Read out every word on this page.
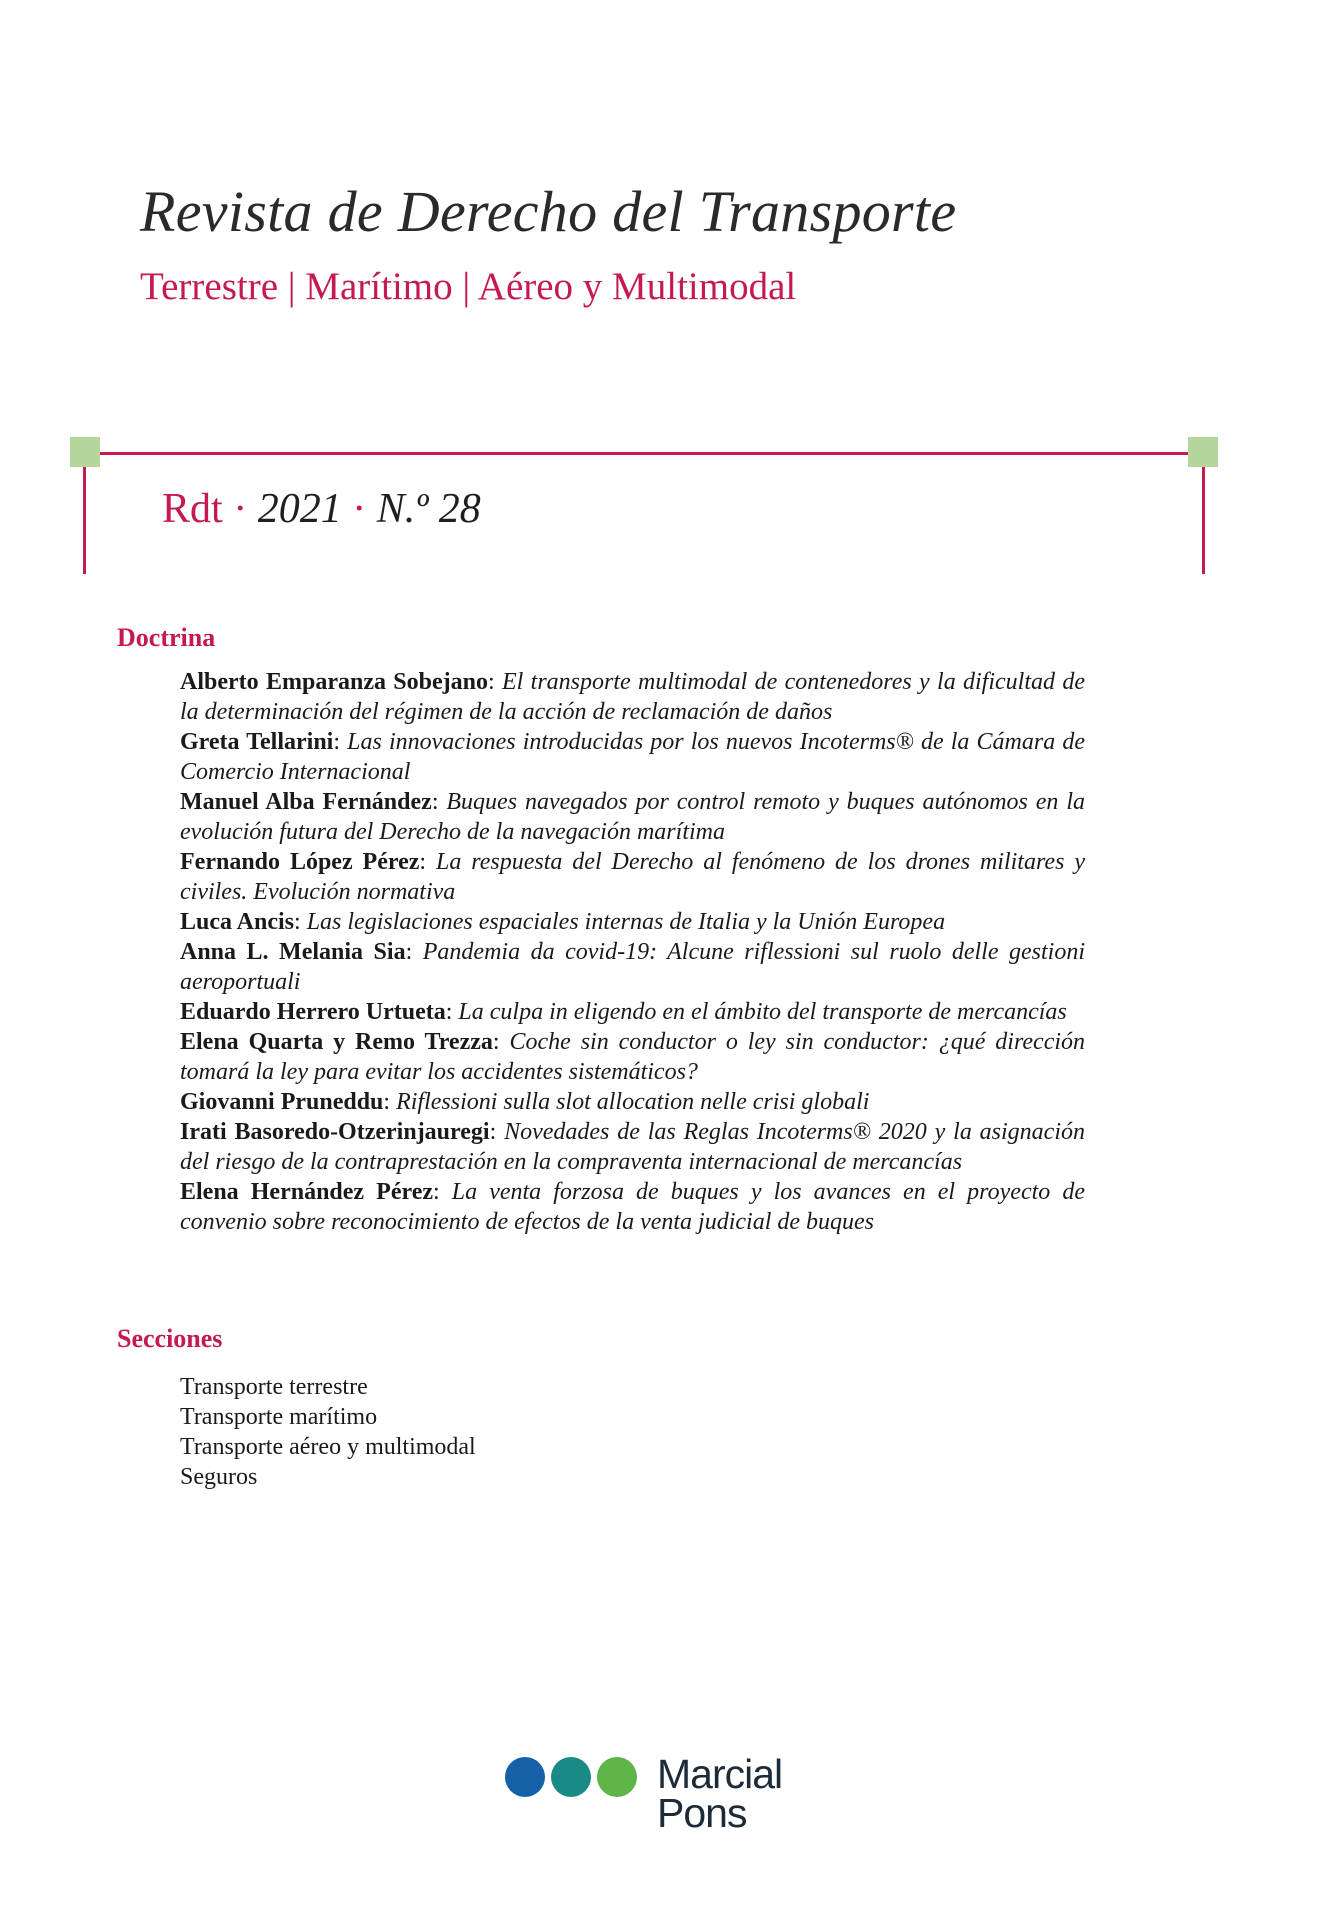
Revista de Derecho del Transporte
Terrestre | Marítimo | Aéreo y Multimodal
Rdt · 2021 · N.º 28
Doctrina

Alberto Emparanza Sobejano: El transporte multimodal de contenedores y la dificultad de la determinación del régimen de la acción de reclamación de daños

Greta Tellarini: Las innovaciones introducidas por los nuevos Incoterms® de la Cámara de Comercio Internacional

Manuel Alba Fernández: Buques navegados por control remoto y buques autónomos en la evolución futura del Derecho de la navegación marítima

Fernando López Pérez: La respuesta del Derecho al fenómeno de los drones militares y civiles. Evolución normativa

Luca Ancis: Las legislaciones espaciales internas de Italia y la Unión Europea

Anna L. Melania Sia: Pandemia da covid-19: Alcune riflessioni sul ruolo delle gestioni aeroportuali

Eduardo Herrero Urtueta: La culpa in eligendo en el ámbito del transporte de mercancías

Elena Quarta y Remo Trezza: Coche sin conductor o ley sin conductor: ¿qué dirección tomará la ley para evitar los accidentes sistemáticos?

Giovanni Pruneddu: Riflessioni sulla slot allocation nelle crisi globali

Irati Basoredo-Otzerinjauregi: Novedades de las Reglas Incoterms® 2020 y la asignación del riesgo de la contraprestación en la compraventa internacional de mercancías

Elena Hernández Pérez: La venta forzosa de buques y los avances en el proyecto de convenio sobre reconocimiento de efectos de la venta judicial de buques

Secciones
Transporte terrestre
Transporte marítimo
Transporte aéreo y multimodal
Seguros
Marcial
Pons
